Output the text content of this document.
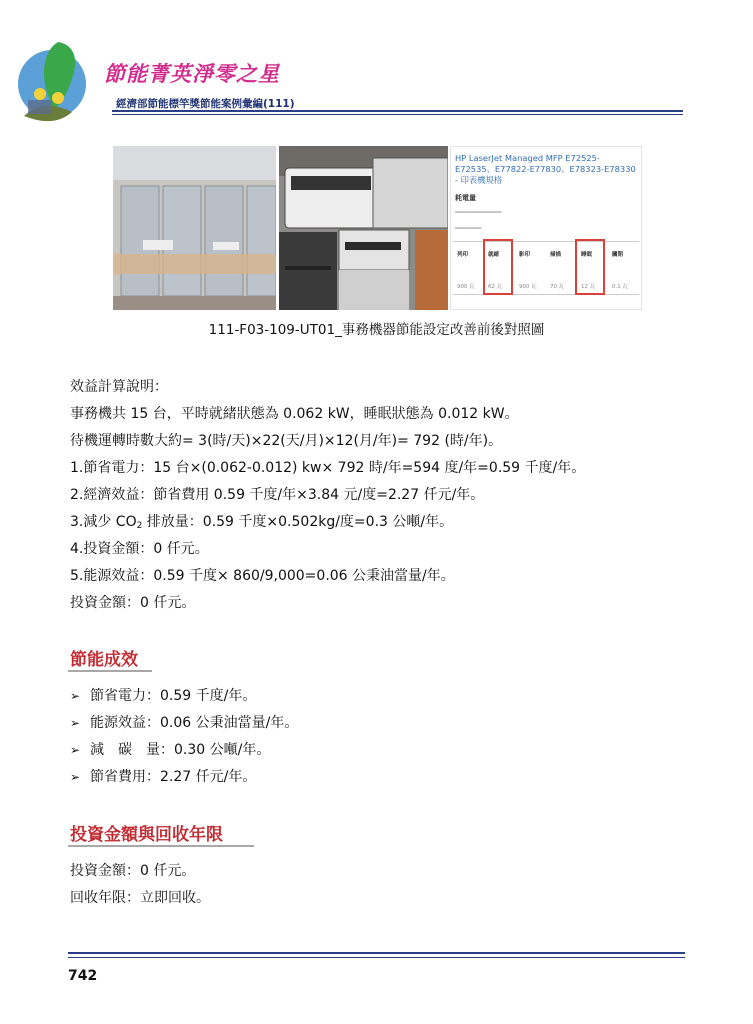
節能菁英淨零之星
經濟部節能標竿獎節能案例彙編(111)
HP LaserJet Managed MFP E72525-E72535、E77822-E77830、E78323-E78330 - 印表機規格
耗電量
━━━━━━━━━━━━━━
━━━━━━━━
列印
900 瓦
就緒
62 瓦
影印
900 瓦
掃描
70 瓦
睡眠
12 瓦
關閉
0.1 瓦
111-F03-109-UT01_事務機器節能設定改善前後對照圖
效益計算說明：
事務機共 15 台，平時就緒狀態為 0.062 kW，睡眠狀態為 0.012 kW。
待機運轉時數大約= 3(時/天)×22(天/月)×12(月/年)= 792 (時/年)。
1.節省電力：15 台×(0.062-0.012) kw× 792 時/年=594 度/年=0.59 千度/年。
2.經濟效益：節省費用 0.59 千度/年×3.84 元/度=2.27 仟元/年。
3.減少 $CO_2$ 排放量：0.59 千度×0.502kg/度=0.3 公噸/年。
4.投資金額：0 仟元。
5.能源效益：0.59 千度× 860/9,000=0.06 公秉油當量/年。
投資金額：0 仟元。
節能成效
➢ 節省電力：0.59 千度/年。
➢ 能源效益：0.06 公秉油當量/年。
➢ 減　碳　量：0.30 公噸/年。
➢ 節省費用：2.27 仟元/年。
投資金額與回收年限
投資金額：0 仟元。
回收年限：立即回收。
742
